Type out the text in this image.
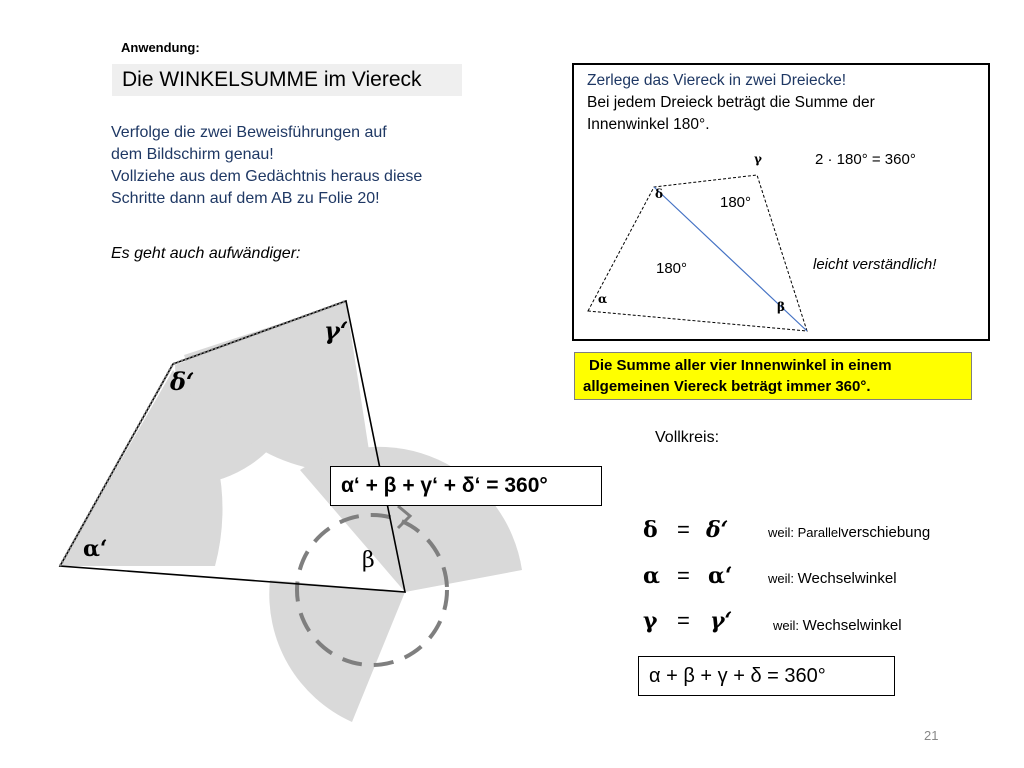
Anwendung:
Die WINKELSUMME im Viereck
Verfolge die zwei Beweisführungen auf
dem Bildschirm genau!
Vollziehe aus dem Gedächtnis heraus diese
Schritte dann auf dem AB zu Folie 20!
Es geht auch aufwändiger:
α‘	β
γ‘
δ‘
α‘ + β + γ‘ + δ‘ = 360°
Zerlege das Viereck in zwei Dreiecke!
Bei jedem Dreieck beträgt die Summe der
Innenwinkel 180°.
γ
δ
α
β
180°
180°
2 · 180° = 360°
leicht verständlich!
Die Summe aller vier Innenwinkel in einem
allgemeinen Viereck beträgt immer 360°.
Vollkreis:
δ = δ‘	weil: Parallelverschiebung
α = α‘	weil: Wechselwinkel
γ = γ‘	weil: Wechselwinkel
α + β + γ + δ = 360°
21
